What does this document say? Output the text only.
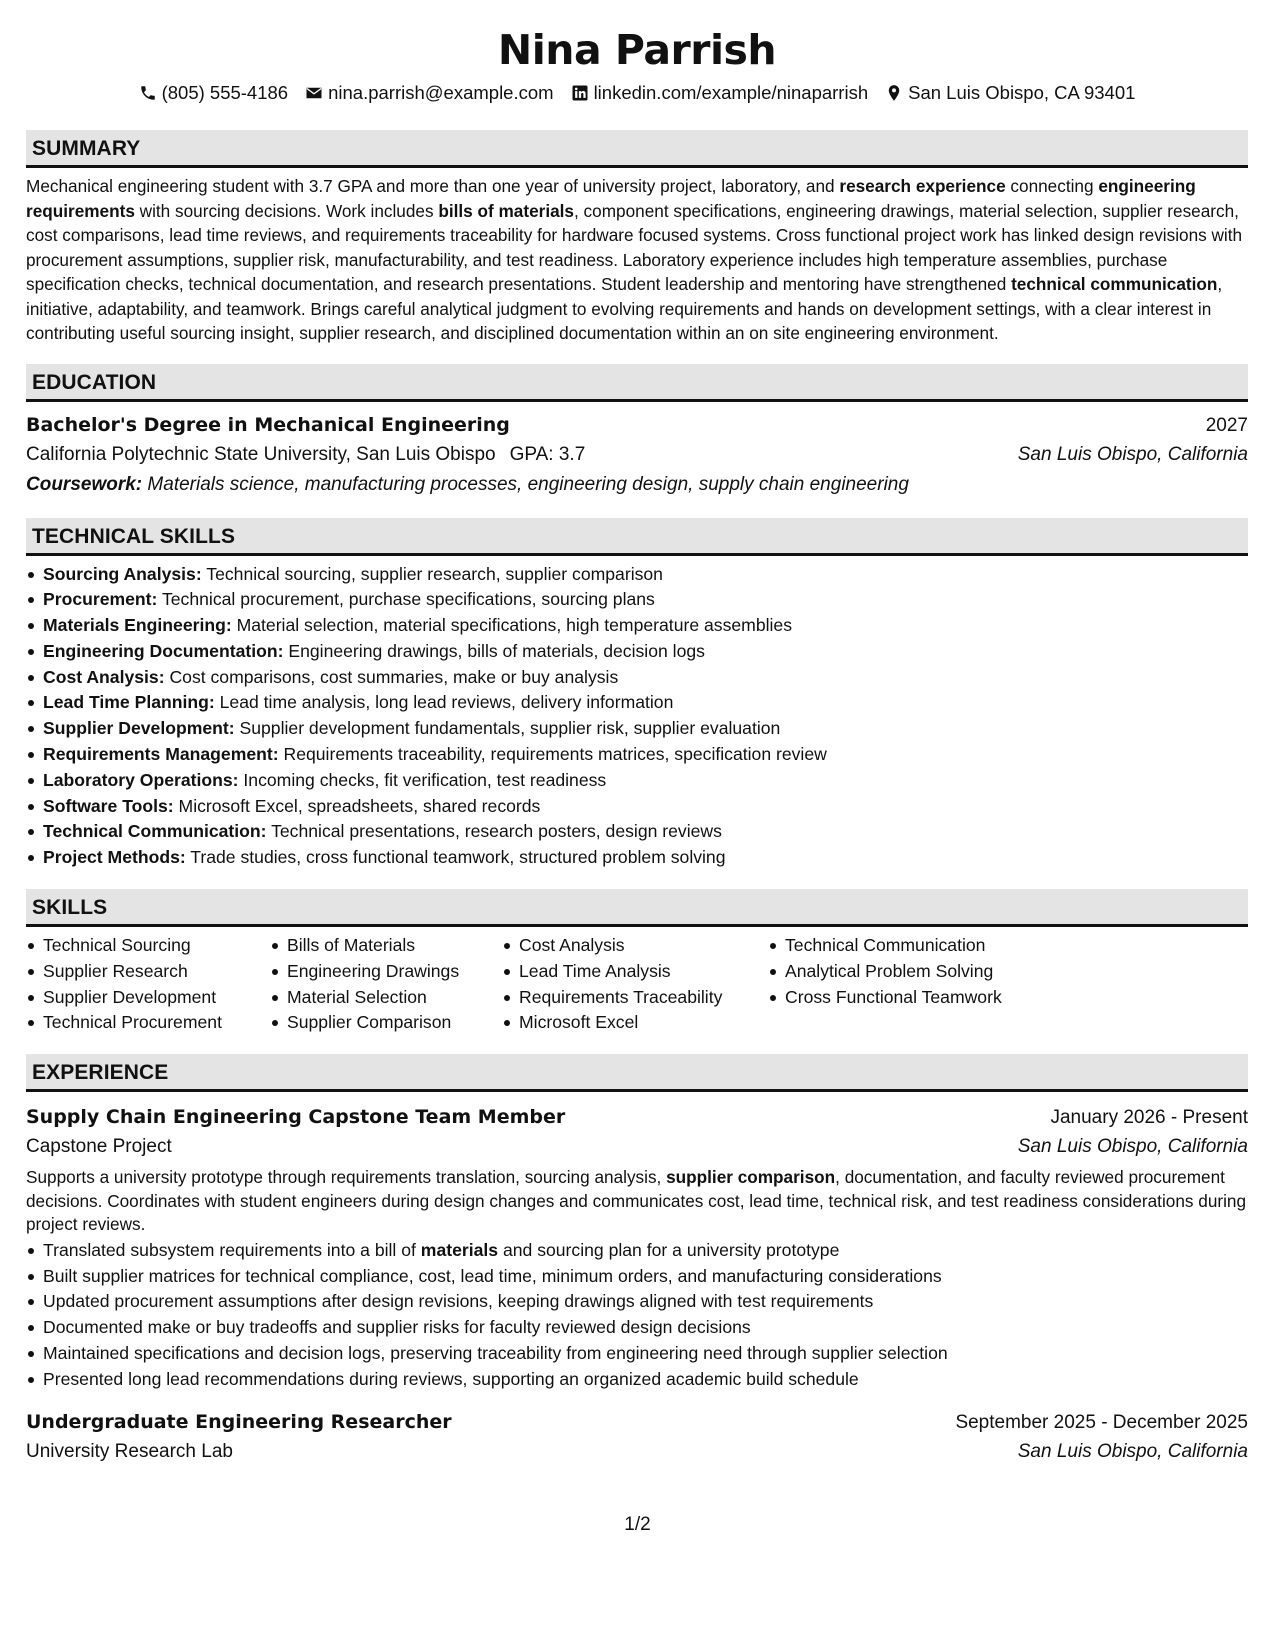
Nina Parrish
(805) 555-4186 nina.parrish@example.com linkedin.com/example/ninaparrish San Luis Obispo, CA 93401
SUMMARY
Mechanical engineering student with 3.7 GPA and more than one year of university project, laboratory, and research experience connecting engineering requirements with sourcing decisions. Work includes bills of materials, component specifications, engineering drawings, material selection, supplier research, cost comparisons, lead time reviews, and requirements traceability for hardware focused systems. Cross functional project work has linked design revisions with procurement assumptions, supplier risk, manufacturability, and test readiness. Laboratory experience includes high temperature assemblies, purchase specification checks, technical documentation, and research presentations. Student leadership and mentoring have strengthened technical communication, initiative, adaptability, and teamwork. Brings careful analytical judgment to evolving requirements and hands on development settings, with a clear interest in contributing useful sourcing insight, supplier research, and disciplined documentation within an on site engineering environment.
EDUCATION
Bachelor's Degree in Mechanical Engineering	2027
California Polytechnic State University, San Luis Obispo GPA: 3.7	San Luis Obispo, California
Coursework: Materials science, manufacturing processes, engineering design, supply chain engineering
TECHNICAL SKILLS
Sourcing Analysis: Technical sourcing, supplier research, supplier comparison
Procurement: Technical procurement, purchase specifications, sourcing plans
Materials Engineering: Material selection, material specifications, high temperature assemblies
Engineering Documentation: Engineering drawings, bills of materials, decision logs
Cost Analysis: Cost comparisons, cost summaries, make or buy analysis
Lead Time Planning: Lead time analysis, long lead reviews, delivery information
Supplier Development: Supplier development fundamentals, supplier risk, supplier evaluation
Requirements Management: Requirements traceability, requirements matrices, specification review
Laboratory Operations: Incoming checks, fit verification, test readiness
Software Tools: Microsoft Excel, spreadsheets, shared records
Technical Communication: Technical presentations, research posters, design reviews
Project Methods: Trade studies, cross functional teamwork, structured problem solving
SKILLS
Technical Sourcing
Supplier Research
Supplier Development
Technical Procurement
Bills of Materials
Engineering Drawings
Material Selection
Supplier Comparison
Cost Analysis
Lead Time Analysis
Requirements Traceability
Microsoft Excel
Technical Communication
Analytical Problem Solving
Cross Functional Teamwork
EXPERIENCE
Supply Chain Engineering Capstone Team Member	January 2026 - Present
Capstone Project	San Luis Obispo, California
Supports a university prototype through requirements translation, sourcing analysis, supplier comparison, documentation, and faculty reviewed procurement decisions. Coordinates with student engineers during design changes and communicates cost, lead time, technical risk, and test readiness considerations during project reviews.
Translated subsystem requirements into a bill of materials and sourcing plan for a university prototype
Built supplier matrices for technical compliance, cost, lead time, minimum orders, and manufacturing considerations
Updated procurement assumptions after design revisions, keeping drawings aligned with test requirements
Documented make or buy tradeoffs and supplier risks for faculty reviewed design decisions
Maintained specifications and decision logs, preserving traceability from engineering need through supplier selection
Presented long lead recommendations during reviews, supporting an organized academic build schedule
Undergraduate Engineering Researcher	September 2025 - December 2025
University Research Lab	San Luis Obispo, California
1/2
